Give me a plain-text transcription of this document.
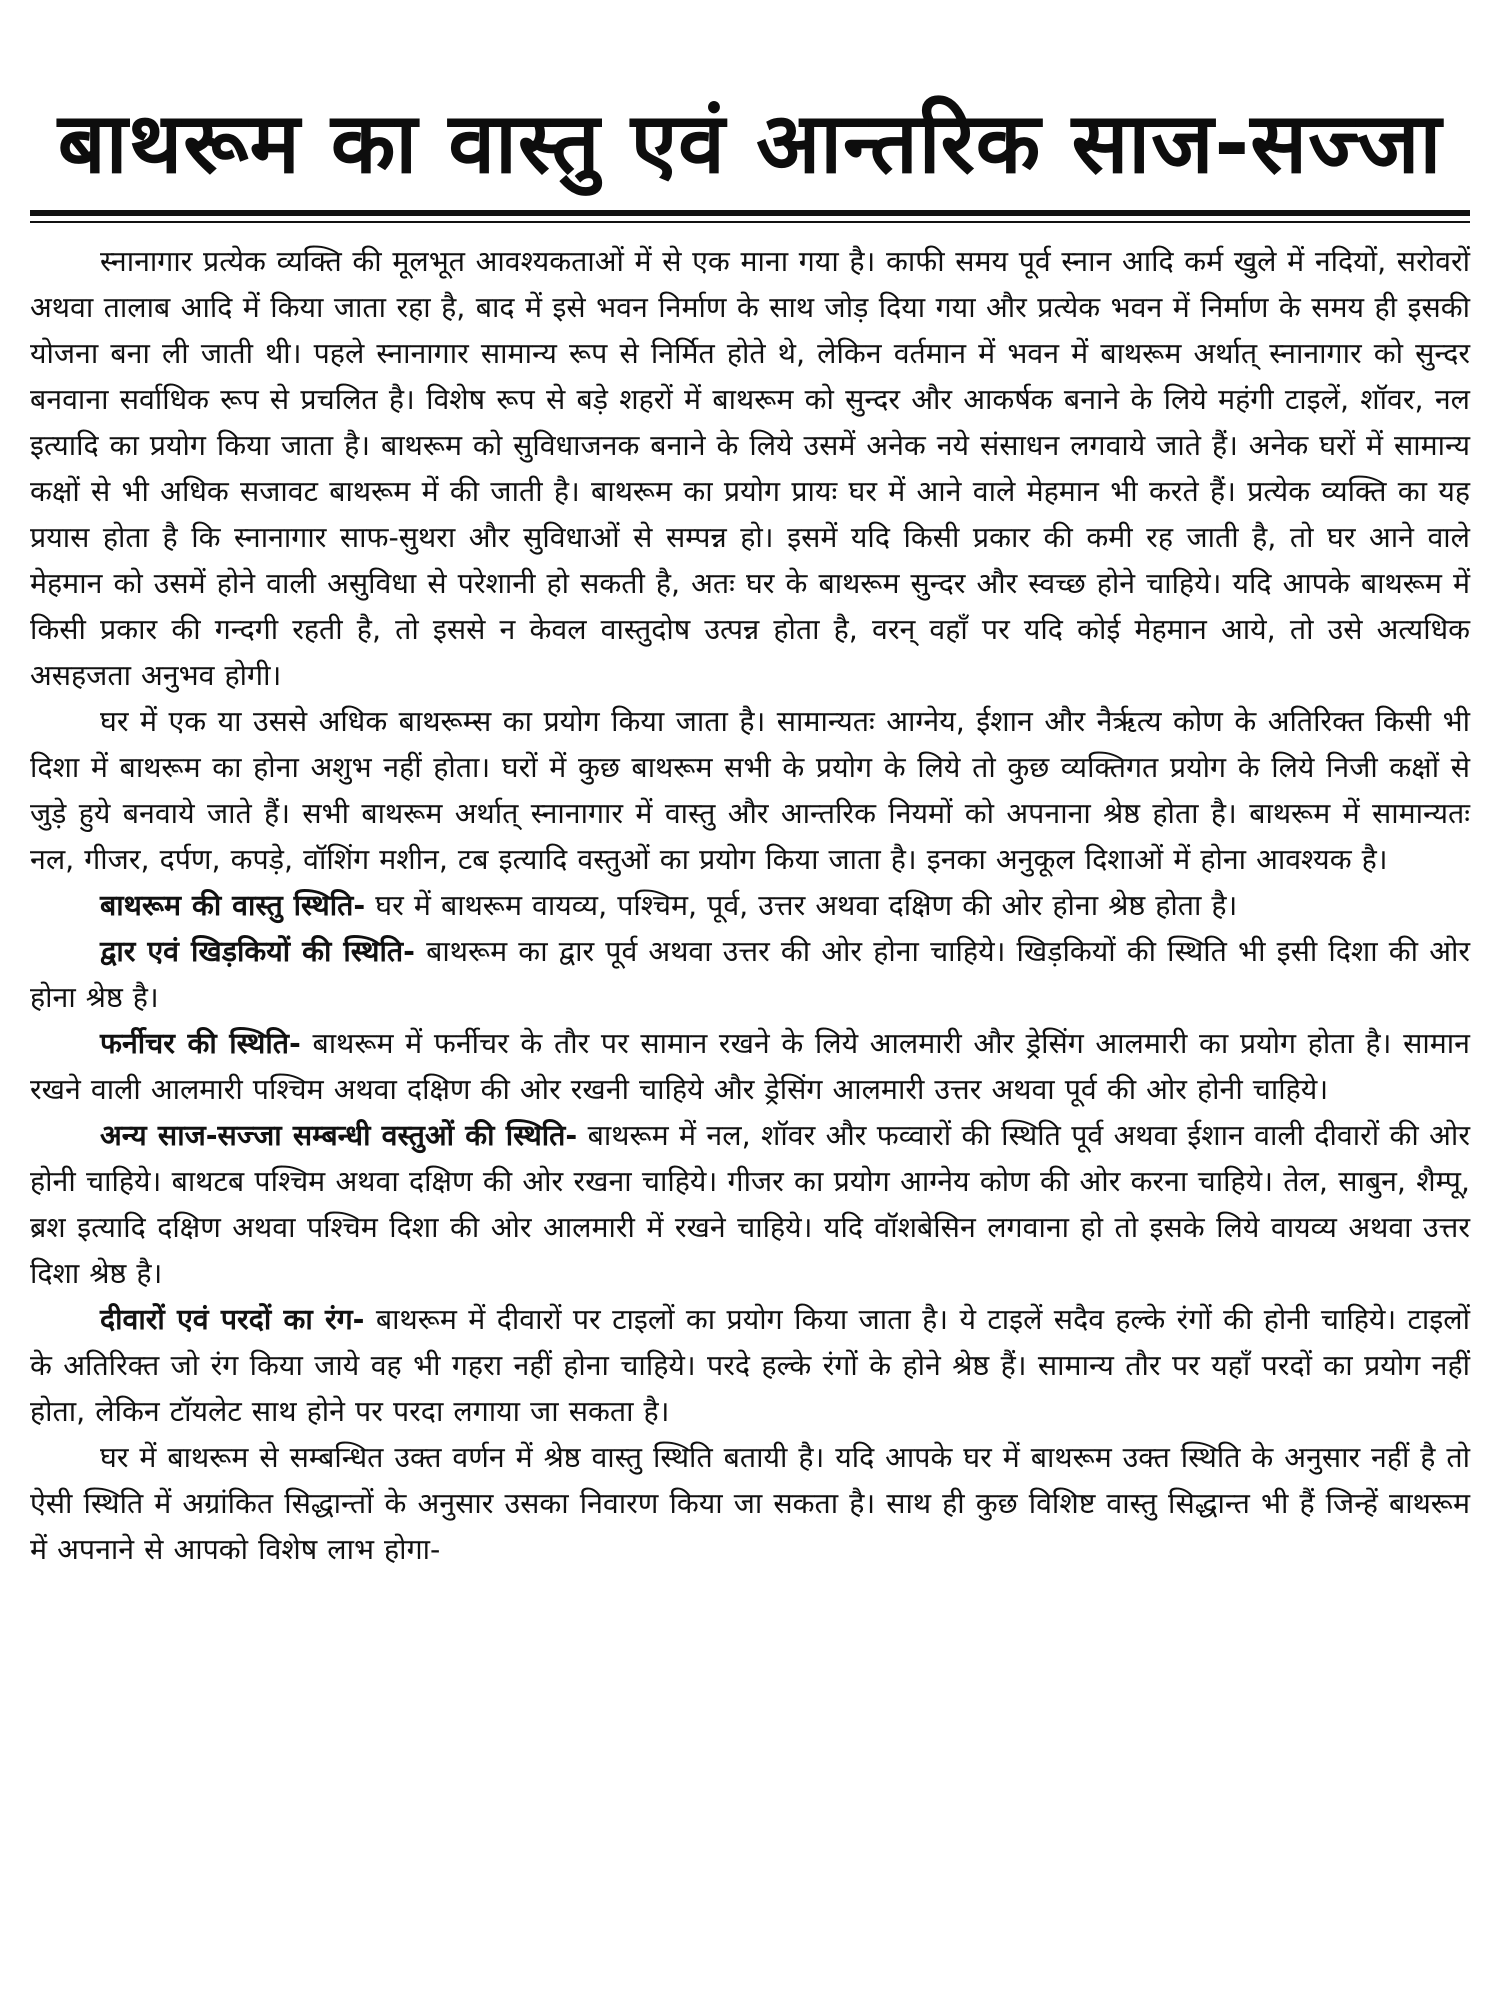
बाथरूम का वास्तु एवं आन्तरिक साज-सज्जा

स्नानागार प्रत्येक व्यक्ति की मूलभूत आवश्यकताओं में से एक माना गया है। काफी समय पूर्व स्नान आदि कर्म खुले में नदियों, सरोवरों अथवा तालाब आदि में किया जाता रहा है, बाद में इसे भवन निर्माण के साथ जोड़ दिया गया और प्रत्येक भवन में निर्माण के समय ही इसकी योजना बना ली जाती थी। पहले स्नानागार सामान्य रूप से निर्मित होते थे, लेकिन वर्तमान में भवन में बाथरूम अर्थात् स्नानागार को सुन्दर बनवाना सर्वाधिक रूप से प्रचलित है। विशेष रूप से बड़े शहरों में बाथरूम को सुन्दर और आकर्षक बनाने के लिये महंगी टाइलें, शॉवर, नल इत्यादि का प्रयोग किया जाता है। बाथरूम को सुविधाजनक बनाने के लिये उसमें अनेक नये संसाधन लगवाये जाते हैं। अनेक घरों में सामान्य कक्षों से भी अधिक सजावट बाथरूम में की जाती है। बाथरूम का प्रयोग प्रायः घर में आने वाले मेहमान भी करते हैं। प्रत्येक व्यक्ति का यह प्रयास होता है कि स्नानागार साफ-सुथरा और सुविधाओं से सम्पन्न हो। इसमें यदि किसी प्रकार की कमी रह जाती है, तो घर आने वाले मेहमान को उसमें होने वाली असुविधा से परेशानी हो सकती है, अतः घर के बाथरूम सुन्दर और स्वच्छ होने चाहिये। यदि आपके बाथरूम में किसी प्रकार की गन्दगी रहती है, तो इससे न केवल वास्तुदोष उत्पन्न होता है, वरन् वहाँ पर यदि कोई मेहमान आये, तो उसे अत्यधिक असहजता अनुभव होगी।

घर में एक या उससे अधिक बाथरूम्स का प्रयोग किया जाता है। सामान्यतः आग्नेय, ईशान और नैर्ऋत्य कोण के अतिरिक्त किसी भी दिशा में बाथरूम का होना अशुभ नहीं होता। घरों में कुछ बाथरूम सभी के प्रयोग के लिये तो कुछ व्यक्तिगत प्रयोग के लिये निजी कक्षों से जुड़े हुये बनवाये जाते हैं। सभी बाथरूम अर्थात् स्नानागार में वास्तु और आन्तरिक नियमों को अपनाना श्रेष्ठ होता है। बाथरूम में सामान्यतः नल, गीजर, दर्पण, कपड़े, वॉशिंग मशीन, टब इत्यादि वस्तुओं का प्रयोग किया जाता है। इनका अनुकूल दिशाओं में होना आवश्यक है।

बाथरूम की वास्तु स्थिति- घर में बाथरूम वायव्य, पश्चिम, पूर्व, उत्तर अथवा दक्षिण की ओर होना श्रेष्ठ होता है।

द्वार एवं खिड़कियों की स्थिति- बाथरूम का द्वार पूर्व अथवा उत्तर की ओर होना चाहिये। खिड़कियों की स्थिति भी इसी दिशा की ओर होना श्रेष्ठ है।

फर्नीचर की स्थिति- बाथरूम में फर्नीचर के तौर पर सामान रखने के लिये आलमारी और ड्रेसिंग आलमारी का प्रयोग होता है। सामान रखने वाली आलमारी पश्चिम अथवा दक्षिण की ओर रखनी चाहिये और ड्रेसिंग आलमारी उत्तर अथवा पूर्व की ओर होनी चाहिये।

अन्य साज-सज्जा सम्बन्धी वस्तुओं की स्थिति- बाथरूम में नल, शॉवर और फव्वारों की स्थिति पूर्व अथवा ईशान वाली दीवारों की ओर होनी चाहिये। बाथटब पश्चिम अथवा दक्षिण की ओर रखना चाहिये। गीजर का प्रयोग आग्नेय कोण की ओर करना चाहिये। तेल, साबुन, शैम्पू, ब्रश इत्यादि दक्षिण अथवा पश्चिम दिशा की ओर आलमारी में रखने चाहिये। यदि वॉशबेसिन लगवाना हो तो इसके लिये वायव्य अथवा उत्तर दिशा श्रेष्ठ है।

दीवारों एवं परदों का रंग- बाथरूम में दीवारों पर टाइलों का प्रयोग किया जाता है। ये टाइलें सदैव हल्के रंगों की होनी चाहिये। टाइलों के अतिरिक्त जो रंग किया जाये वह भी गहरा नहीं होना चाहिये। परदे हल्के रंगों के होने श्रेष्ठ हैं। सामान्य तौर पर यहाँ परदों का प्रयोग नहीं होता, लेकिन टॉयलेट साथ होने पर परदा लगाया जा सकता है।

घर में बाथरूम से सम्बन्धित उक्त वर्णन में श्रेष्ठ वास्तु स्थिति बतायी है। यदि आपके घर में बाथरूम उक्त स्थिति के अनुसार नहीं है तो ऐसी स्थिति में अग्रांकित सिद्धान्तों के अनुसार उसका निवारण किया जा सकता है। साथ ही कुछ विशिष्ट वास्तु सिद्धान्त भी हैं जिन्हें बाथरूम में अपनाने से आपको विशेष लाभ होगा-
